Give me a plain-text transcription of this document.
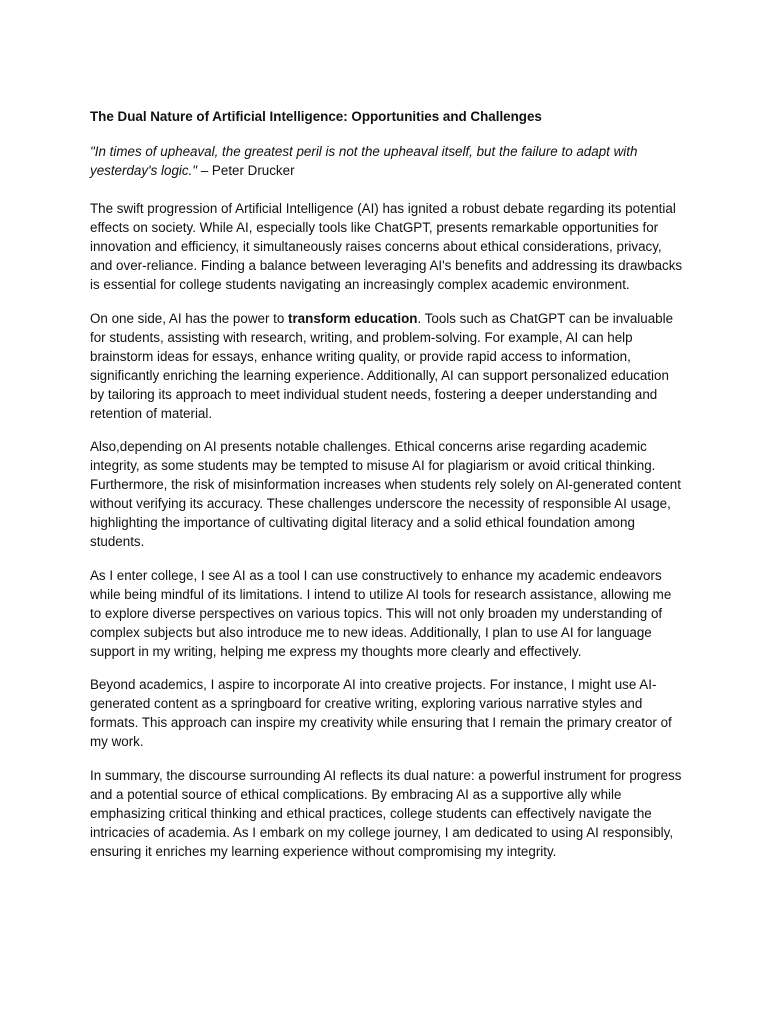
The Dual Nature of Artificial Intelligence: Opportunities and Challenges
"In times of upheaval, the greatest peril is not the upheaval itself, but the failure to adapt with yesterday's logic." – Peter Drucker

The swift progression of Artificial Intelligence (AI) has ignited a robust debate regarding its potential effects on society. While AI, especially tools like ChatGPT, presents remarkable opportunities for innovation and efficiency, it simultaneously raises concerns about ethical considerations, privacy, and over-reliance. Finding a balance between leveraging AI's benefits and addressing its drawbacks is essential for college students navigating an increasingly complex academic environment.

On one side, AI has the power to transform education. Tools such as ChatGPT can be invaluable for students, assisting with research, writing, and problem-solving. For example, AI can help brainstorm ideas for essays, enhance writing quality, or provide rapid access to information, significantly enriching the learning experience. Additionally, AI can support personalized education by tailoring its approach to meet individual student needs, fostering a deeper understanding and retention of material.

Also,depending on AI presents notable challenges. Ethical concerns arise regarding academic integrity, as some students may be tempted to misuse AI for plagiarism or avoid critical thinking. Furthermore, the risk of misinformation increases when students rely solely on AI-generated content without verifying its accuracy. These challenges underscore the necessity of responsible AI usage, highlighting the importance of cultivating digital literacy and a solid ethical foundation among students.

As I enter college, I see AI as a tool I can use constructively to enhance my academic endeavors while being mindful of its limitations. I intend to utilize AI tools for research assistance, allowing me to explore diverse perspectives on various topics. This will not only broaden my understanding of complex subjects but also introduce me to new ideas. Additionally, I plan to use AI for language support in my writing, helping me express my thoughts more clearly and effectively.

Beyond academics, I aspire to incorporate AI into creative projects. For instance, I might use AI-generated content as a springboard for creative writing, exploring various narrative styles and formats. This approach can inspire my creativity while ensuring that I remain the primary creator of my work.

In summary, the discourse surrounding AI reflects its dual nature: a powerful instrument for progress and a potential source of ethical complications. By embracing AI as a supportive ally while emphasizing critical thinking and ethical practices, college students can effectively navigate the intricacies of academia. As I embark on my college journey, I am dedicated to using AI responsibly, ensuring it enriches my learning experience without compromising my integrity.
